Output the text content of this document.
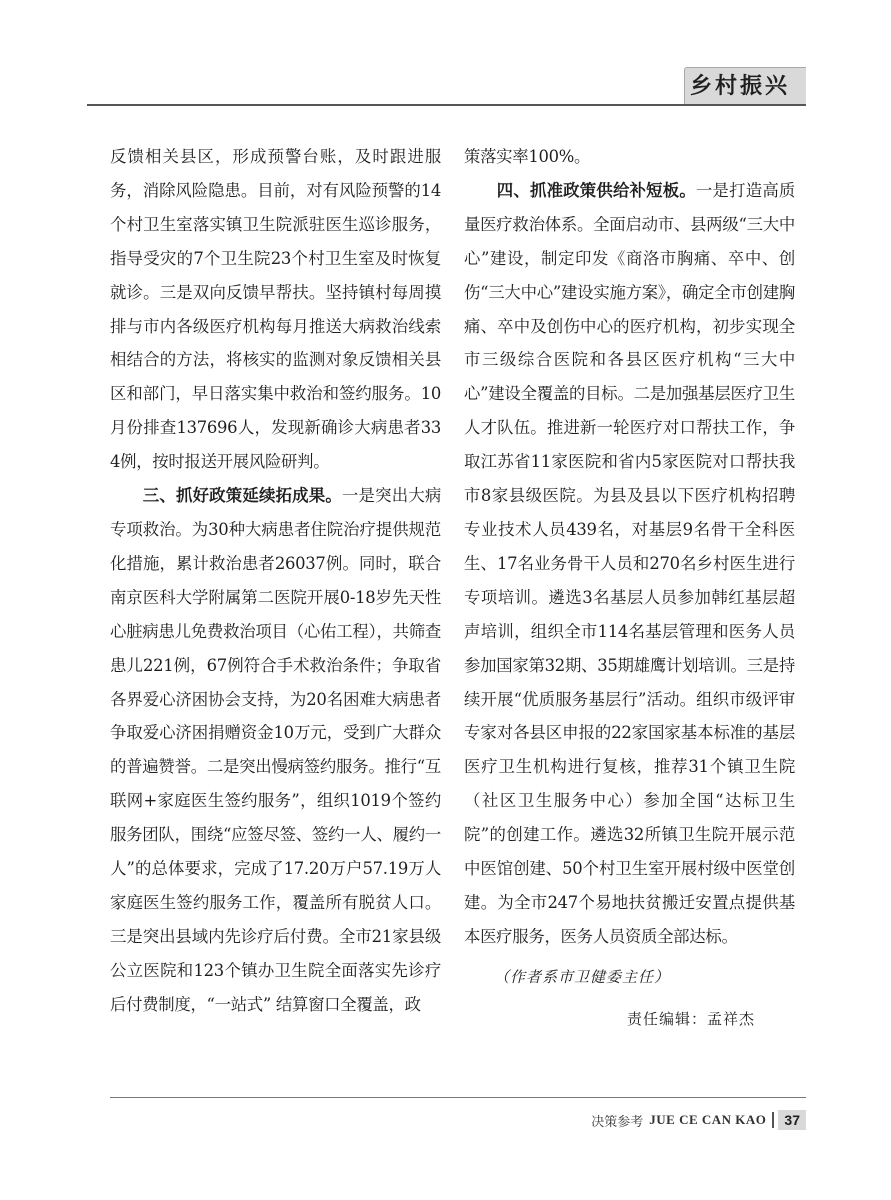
乡村振兴

反馈相关县区，形成预警台账，及时跟进服务，消除风险隐患。目前，对有风险预警的14个村卫生室落实镇卫生院派驻医生巡诊服务，指导受灾的7个卫生院23个村卫生室及时恢复就诊。三是双向反馈早帮扶。坚持镇村每周摸排与市内各级医疗机构每月推送大病救治线索相结合的方法，将核实的监测对象反馈相关县区和部门，早日落实集中救治和签约服务。10月份排查137696人，发现新确诊大病患者334例，按时报送开展风险研判。

三、抓好政策延续拓成果。一是突出大病专项救治。为30种大病患者住院治疗提供规范化措施，累计救治患者26037例。同时，联合南京医科大学附属第二医院开展0-18岁先天性心脏病患儿免费救治项目（心佑工程），共筛查患儿221例，67例符合手术救治条件；争取省各界爱心济困协会支持，为20名困难大病患者争取爱心济困捐赠资金10万元，受到广大群众的普遍赞誉。二是突出慢病签约服务。推行“互联网+家庭医生签约服务”，组织1019个签约服务团队，围绕“应签尽签、签约一人、履约一人”的总体要求，完成了17.20万户57.19万人家庭医生签约服务工作，覆盖所有脱贫人口。三是突出县域内先诊疗后付费。全市21家县级公立医院和123个镇办卫生院全面落实先诊疗后付费制度，“一站式” 结算窗口全覆盖，政

策落实率100%。

四、抓准政策供给补短板。一是打造高质量医疗救治体系。全面启动市、县两级“三大中心”建设，制定印发《商洛市胸痛、卒中、创伤“三大中心”建设实施方案》，确定全市创建胸痛、卒中及创伤中心的医疗机构，初步实现全市三级综合医院和各县区医疗机构“三大中心”建设全覆盖的目标。二是加强基层医疗卫生人才队伍。推进新一轮医疗对口帮扶工作，争取江苏省11家医院和省内5家医院对口帮扶我市8家县级医院。为县及县以下医疗机构招聘专业技术人员439名，对基层9名骨干全科医生、17名业务骨干人员和270名乡村医生进行专项培训。遴选3名基层人员参加韩红基层超声培训，组织全市114名基层管理和医务人员参加国家第32期、35期雄鹰计划培训。三是持续开展“优质服务基层行”活动。组织市级评审专家对各县区申报的22家国家基本标准的基层医疗卫生机构进行复核，推荐31个镇卫生院（社区卫生服务中心）参加全国“达标卫生院”的创建工作。遴选32所镇卫生院开展示范中医馆创建、50个村卫生室开展村级中医堂创建。为全市247个易地扶贫搬迁安置点提供基本医疗服务，医务人员资质全部达标。

（作者系市卫健委主任）

责任编辑：孟祥杰

决策参考 JUE CE CAN KAO	37
